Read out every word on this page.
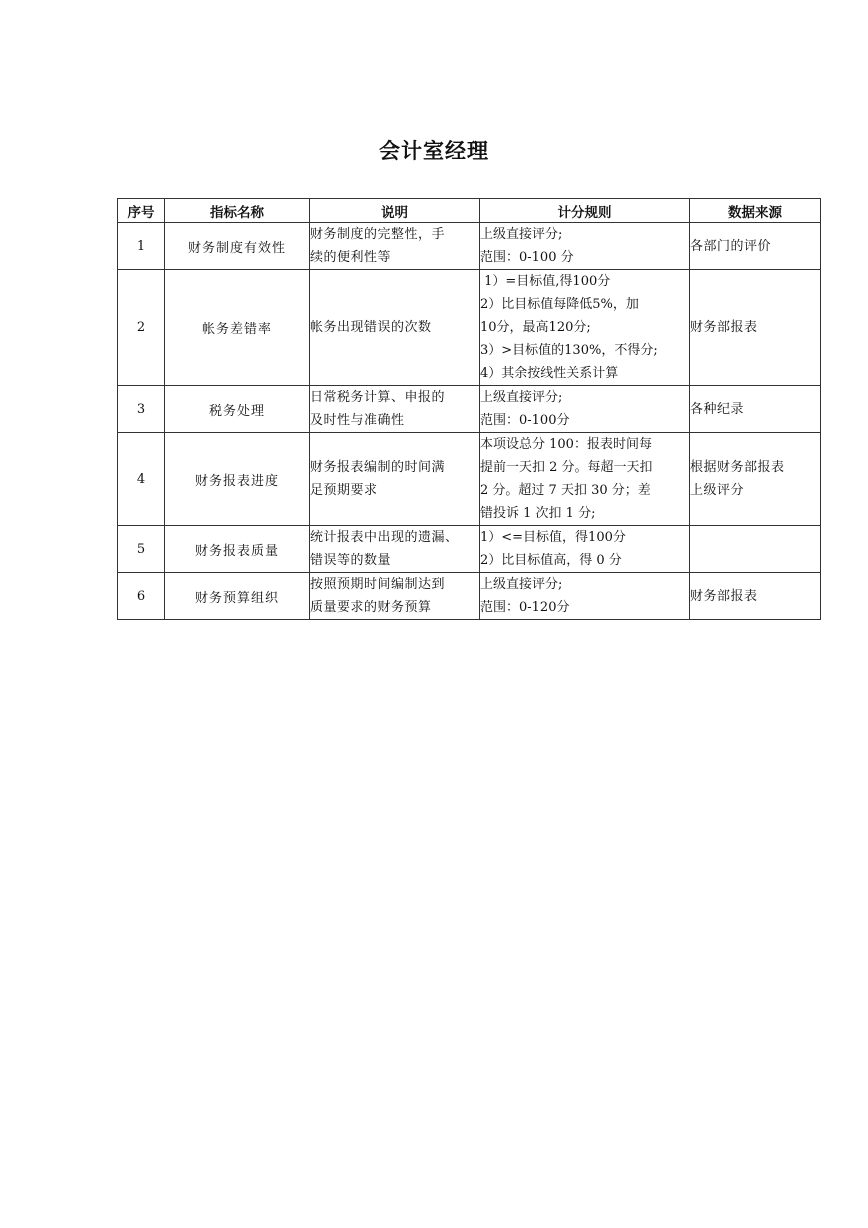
会计室经理
序号	指标名称	说明	计分规则	数据来源
1	财务制度有效性	财务制度的完整性，手
续的便利性等	上级直接评分;
范围：0-100 分	各部门的评价

2	帐务差错率	帐务出现错误的次数	1）=目标值,得100分
2）比目标值每降低5%，加
10分，最高120分;
3）>目标值的130%，不得分;
4）其余按线性关系计算	财务部报表

3	税务处理	日常税务计算、申报的
及时性与准确性	上级直接评分;
范围：0-100分	各种纪录

4	财务报表进度	财务报表编制的时间满
足预期要求	本项设总分 100：报表时间每
提前一天扣 2 分。每超一天扣
2 分。超过 7 天扣 30 分；差
错投诉 1 次扣 1 分;	根据财务部报表
上级评分

5	财务报表质量	统计报表中出现的遗漏、
错误等的数量	1）<=目标值，得100分
2）比目标值高，得 0 分	

6	财务预算组织	按照预期时间编制达到
质量要求的财务预算	上级直接评分;
范围：0-120分	财务部报表
